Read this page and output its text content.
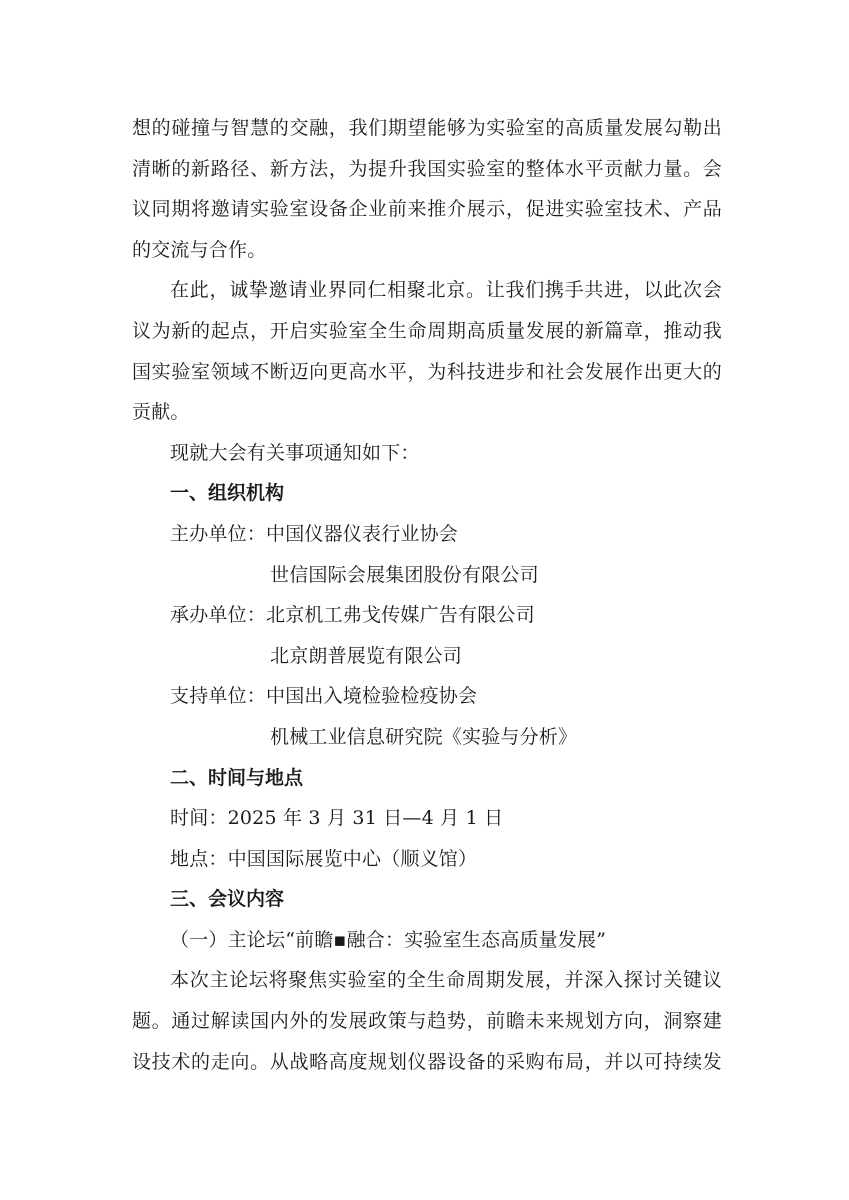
想的碰撞与智慧的交融，我们期望能够为实验室的高质量发展勾勒出
清晰的新路径、新方法，为提升我国实验室的整体水平贡献力量。会
议同期将邀请实验室设备企业前来推介展示，促进实验室技术、产品
的交流与合作。
在此，诚挚邀请业界同仁相聚北京。让我们携手共进，以此次会
议为新的起点，开启实验室全生命周期高质量发展的新篇章，推动我
国实验室领域不断迈向更高水平，为科技进步和社会发展作出更大的
贡献。
现就大会有关事项通知如下：
一、组织机构
主办单位：中国仪器仪表行业协会
世信国际会展集团股份有限公司
承办单位：北京机工弗戈传媒广告有限公司
北京朗普展览有限公司
支持单位：中国出入境检验检疫协会
机械工业信息研究院《实验与分析》
二、时间与地点
时间：2025 年 3 月 31 日—4 月 1 日
地点：中国国际展览中心（顺义馆）
三、会议内容
（一）主论坛“前瞻▪融合：实验室生态高质量发展”
本次主论坛将聚焦实验室的全生命周期发展，并深入探讨关键议
题。通过解读国内外的发展政策与趋势，前瞻未来规划方向，洞察建
设技术的走向。从战略高度规划仪器设备的采购布局，并以可持续发
